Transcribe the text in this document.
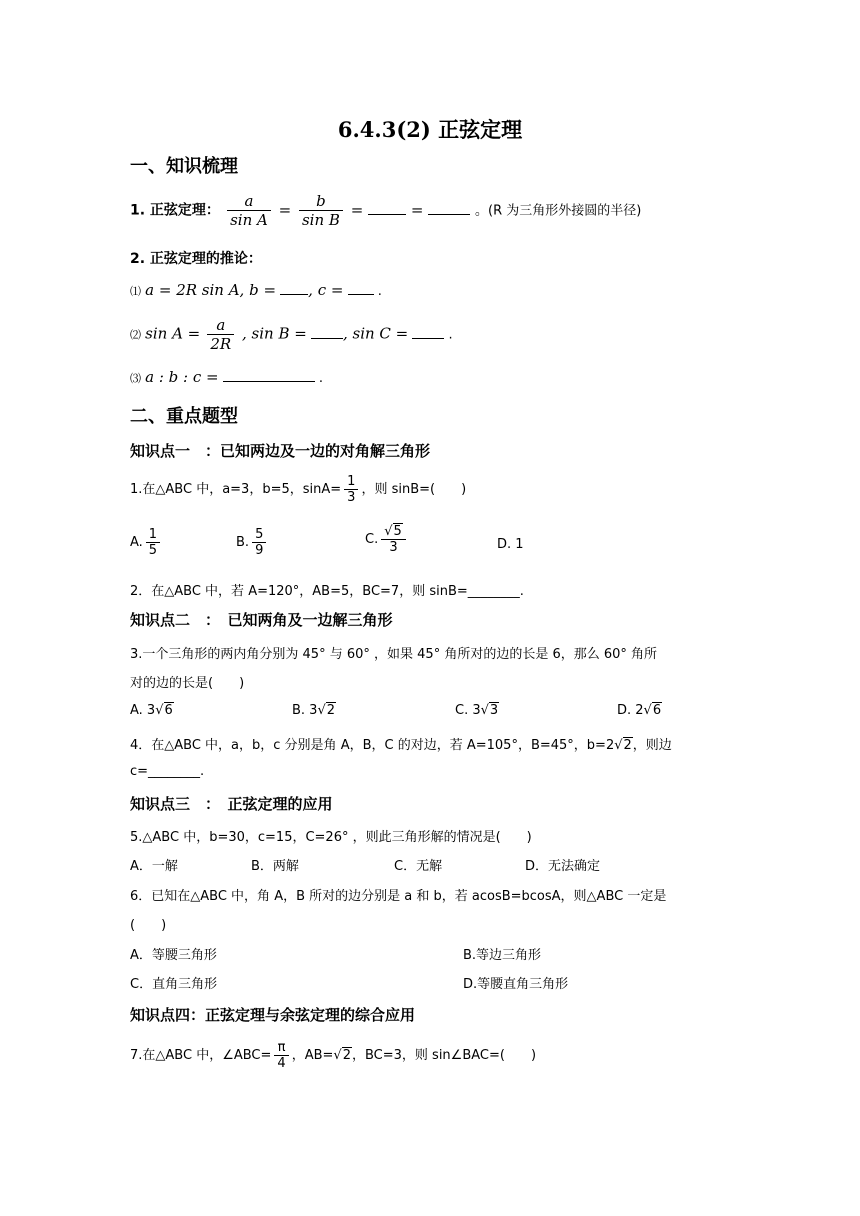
6.4.3(2) 正弦定理
一、知识梳理
1. 正弦定理： $\frac{a}{\text{sin A}} = \frac{b}{\text{sin B}}$ =	=	。(R 为三角形外接圆的半径)
2. 正弦定理的推论：
⑴ a = 2R sin A, b = , c =  .
⑵ $\sin A = \frac{a}{2R}$ , sin B = , sin C =	.
⑶ a : b : c =	.
二、重点题型
知识点一　：已知两边及一边的对角解三角形
1.在△ABC 中，a=3，b=5，$\sin A= \frac{1}{3}$ ，则 sinB=(　　)
A. $\frac{1}{5}$	B. $\frac{5}{9}$	C. $\frac{√5}{3}$	D. 1
2．在△ABC 中，若 A=120°，AB=5，BC=7，则 sinB=________.
知识点二　：　已知两角及一边解三角形
3.一个三角形的两内角分别为 45° 与 60° ，如果 45° 角所对的边的长是 6，那么 60° 角所
对的边的长是(　　)
A. 3√6	B. 3√2	C. 3√3	D. 2√6
4．在△ABC 中，a，b，c 分别是角 A，B，C 的对边，若 A=105°，B=45°，b=2√2，则边
c=________.
知识点三　：　正弦定理的应用
5.△ABC 中，b=30，c=15，C=26° ，则此三角形解的情况是(　　)
A．一解	B．两解	C．无解	D．无法确定
6．已知在△ABC 中，角 A，B 所对的边分别是 a 和 b，若 acosB=bcosA，则△ABC 一定是
(　　)
A．等腰三角形	B.等边三角形
C．直角三角形	D.等腰直角三角形
知识点四：正弦定理与余弦定理的综合应用
7.在△ABC 中，∠ABC= $\frac{\pi}{4}$ ，AB=√2，BC=3，则 sin∠BAC=(　　)
